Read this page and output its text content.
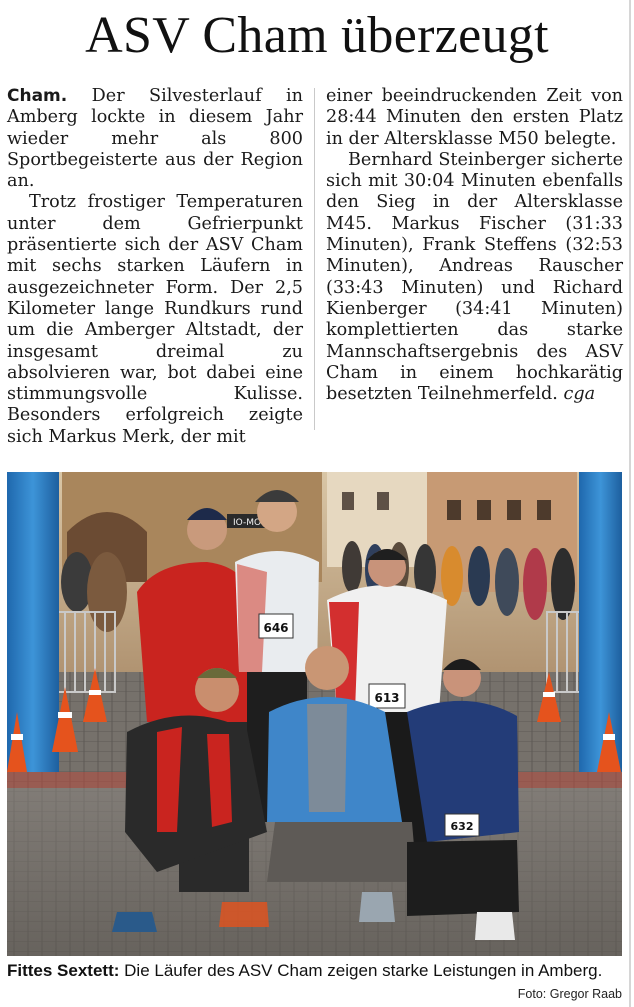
ASV Cham überzeugt

Cham. Der Silvesterlauf in Amberg lockte in diesem Jahr wieder mehr als 800 Sportbegeisterte aus der Region an.

Trotz frostiger Temperaturen unter dem Gefrierpunkt präsentierte sich der ASV Cham mit sechs starken Läufern in ausgezeichneter Form. Der 2,5 Kilometer lange Rundkurs rund um die Amberger Altstadt, der insgesamt dreimal zu absolvieren war, bot dabei eine stimmungsvolle Kulisse. Besonders erfolgreich zeigte sich Markus Merk, der mit

einer beeindruckenden Zeit von 28:44 Minuten den ersten Platz in der Altersklasse M50 belegte.

Bernhard Steinberger sicherte sich mit 30:04 Minuten ebenfalls den Sieg in der Altersklasse M45. Markus Fischer (31:33 Minuten), Frank Steffens (32:53 Minuten), Andreas Rauscher (33:43 Minuten) und Richard Kienberger (34:41 Minuten) komplettierten das starke Mannschaftsergebnis des ASV Cham in einem hochkarätig besetzten Teilnehmerfeld. cga

IO-MO
646
613
632
Fittes Sextett: Die Läufer des ASV Cham zeigen starke Leistungen in Amberg.
Foto: Gregor Raab
